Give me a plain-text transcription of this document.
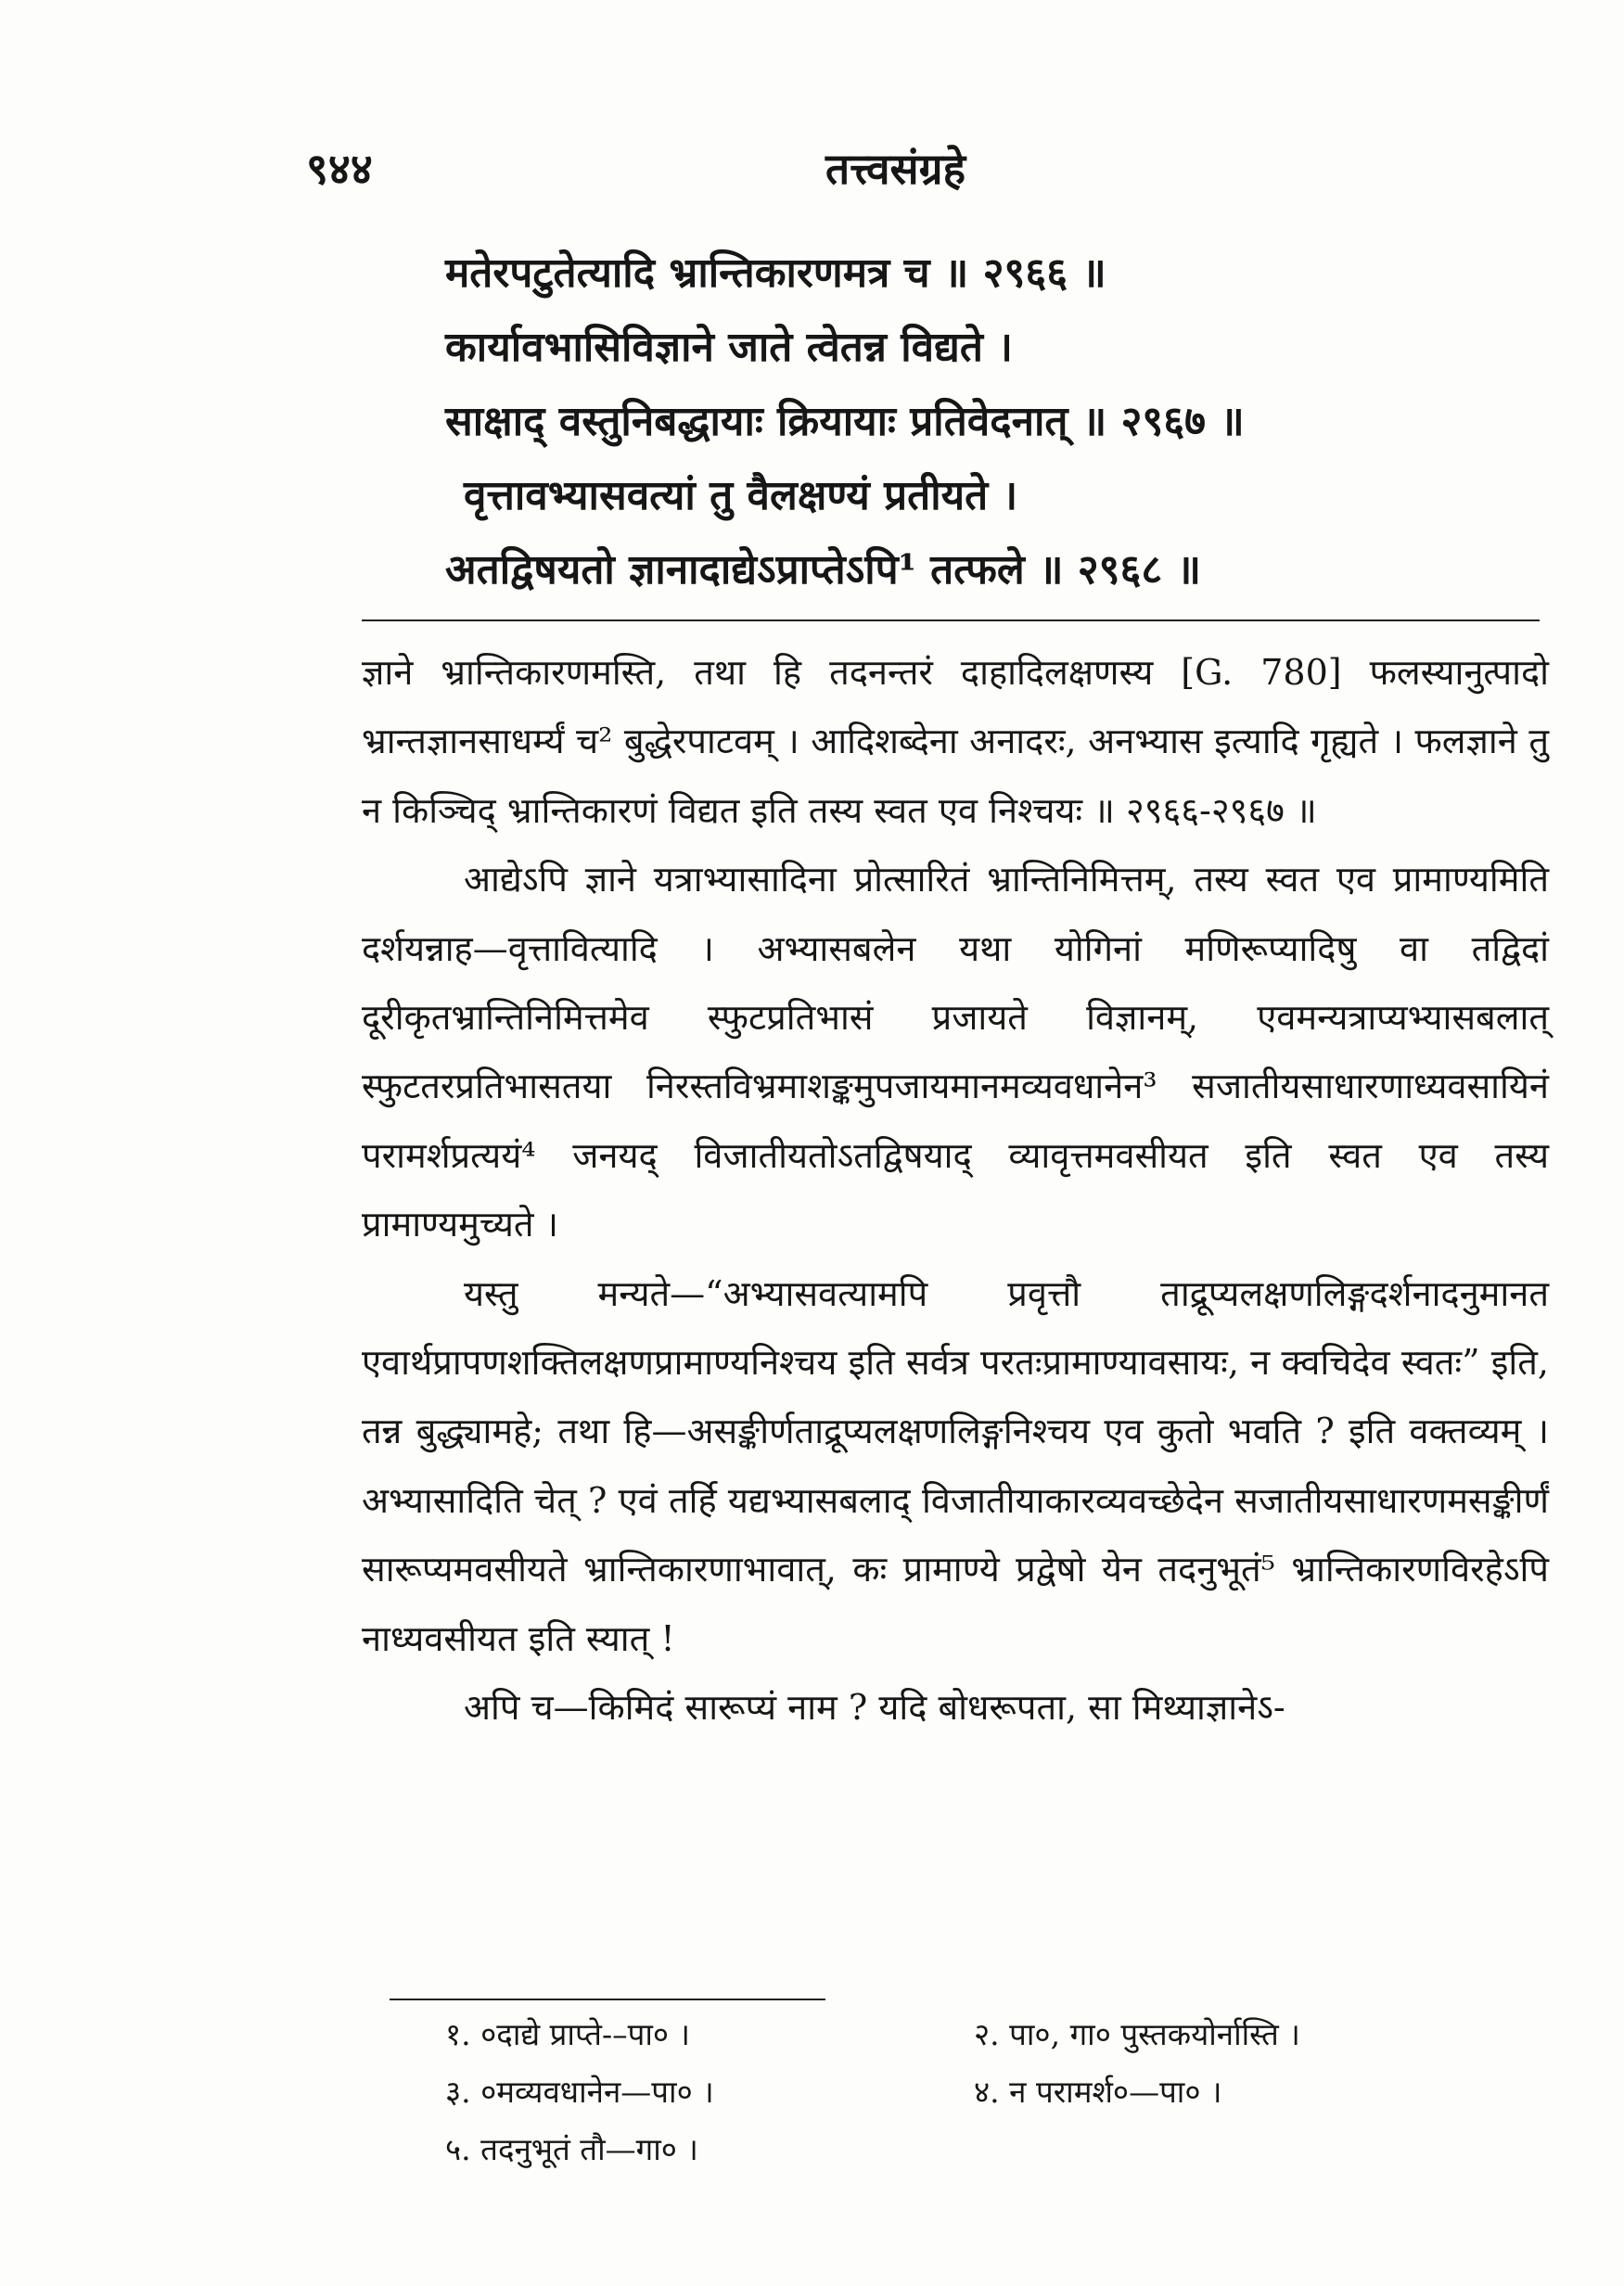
९४४	तत्त्वसंग्रहे
मतेरपटुतेत्यादि भ्रान्तिकारणमत्र च ॥ २९६६ ॥
कार्यावभासिविज्ञाने जाते त्वेतन्न विद्यते ।
साक्षाद् वस्तुनिबद्धायाः क्रियायाः प्रतिवेदनात् ॥ २९६७ ॥
वृत्तावभ्यासवत्यां तु वैलक्षण्यं प्रतीयते ।
अतद्विषयतो ज्ञानादाद्येऽप्राप्तेऽपि¹ तत्फले ॥ २९६८ ॥

ज्ञाने भ्रान्तिकारणमस्ति, तथा हि तदनन्तरं दाहादिलक्षणस्य [G. 780] फलस्यानुत्पादो भ्रान्तज्ञानसाधर्म्यं च² बुद्धेरपाटवम् । आदिशब्देना अनादरः, अनभ्यास इत्यादि गृह्यते । फलज्ञाने तु न किञ्चिद् भ्रान्तिकारणं विद्यत इति तस्य स्वत एव निश्चयः ॥ २९६६-२९६७ ॥

आद्येऽपि ज्ञाने यत्राभ्यासादिना प्रोत्सारितं भ्रान्तिनिमित्तम्, तस्य स्वत एव प्रामाण्यमिति दर्शयन्नाह—वृत्तावित्यादि । अभ्यासबलेन यथा योगिनां मणिरूप्यादिषु वा तद्विदां दूरीकृतभ्रान्तिनिमित्तमेव स्फुटप्रतिभासं प्रजायते विज्ञानम्, एवमन्यत्राप्यभ्यासबलात् स्फुटतरप्रतिभासतया निरस्तविभ्रमाशङ्कमुपजायमानमव्यवधानेन³ सजातीयसाधारणाध्यवसायिनं परामर्शप्रत्ययं⁴ जनयद् विजातीयतोऽतद्विषयाद् व्यावृत्तमवसीयत इति स्वत एव तस्य प्रामाण्यमुच्यते ।

यस्तु मन्यते—“अभ्यासवत्यामपि प्रवृत्तौ ताद्रूप्यलक्षणलिङ्गदर्शनादनुमानत एवार्थप्रापणशक्तिलक्षणप्रामाण्यनिश्चय इति सर्वत्र परतःप्रामाण्यावसायः, न क्वचिदेव स्वतः” इति, तन्न बुद्ध्यामहे; तथा हि—असङ्कीर्णताद्रूप्यलक्षणलिङ्गनिश्चय एव कुतो भवति ? इति वक्तव्यम् । अभ्यासादिति चेत् ? एवं तर्हि यद्यभ्यासबलाद् विजातीयाकारव्यवच्छेदेन सजातीयसाधारणमसङ्कीर्णं सारूप्यमवसीयते भ्रान्तिकारणाभावात्, कः प्रामाण्ये प्रद्वेषो येन तदनुभूतं⁵ भ्रान्तिकारणविरहेऽपि नाध्यवसीयत इति स्यात् !

अपि च—किमिदं सारूप्यं नाम ? यदि बोधरूपता, सा मिथ्याज्ञानेऽ-

१. ०दाद्ये प्राप्ते-–पा० ।	२. पा०, गा० पुस्तकयोर्नास्ति ।
३. ०मव्यवधानेन—पा० ।	४. न परामर्श०—पा० ।
५. तदनुभूतं तौ—गा० ।
